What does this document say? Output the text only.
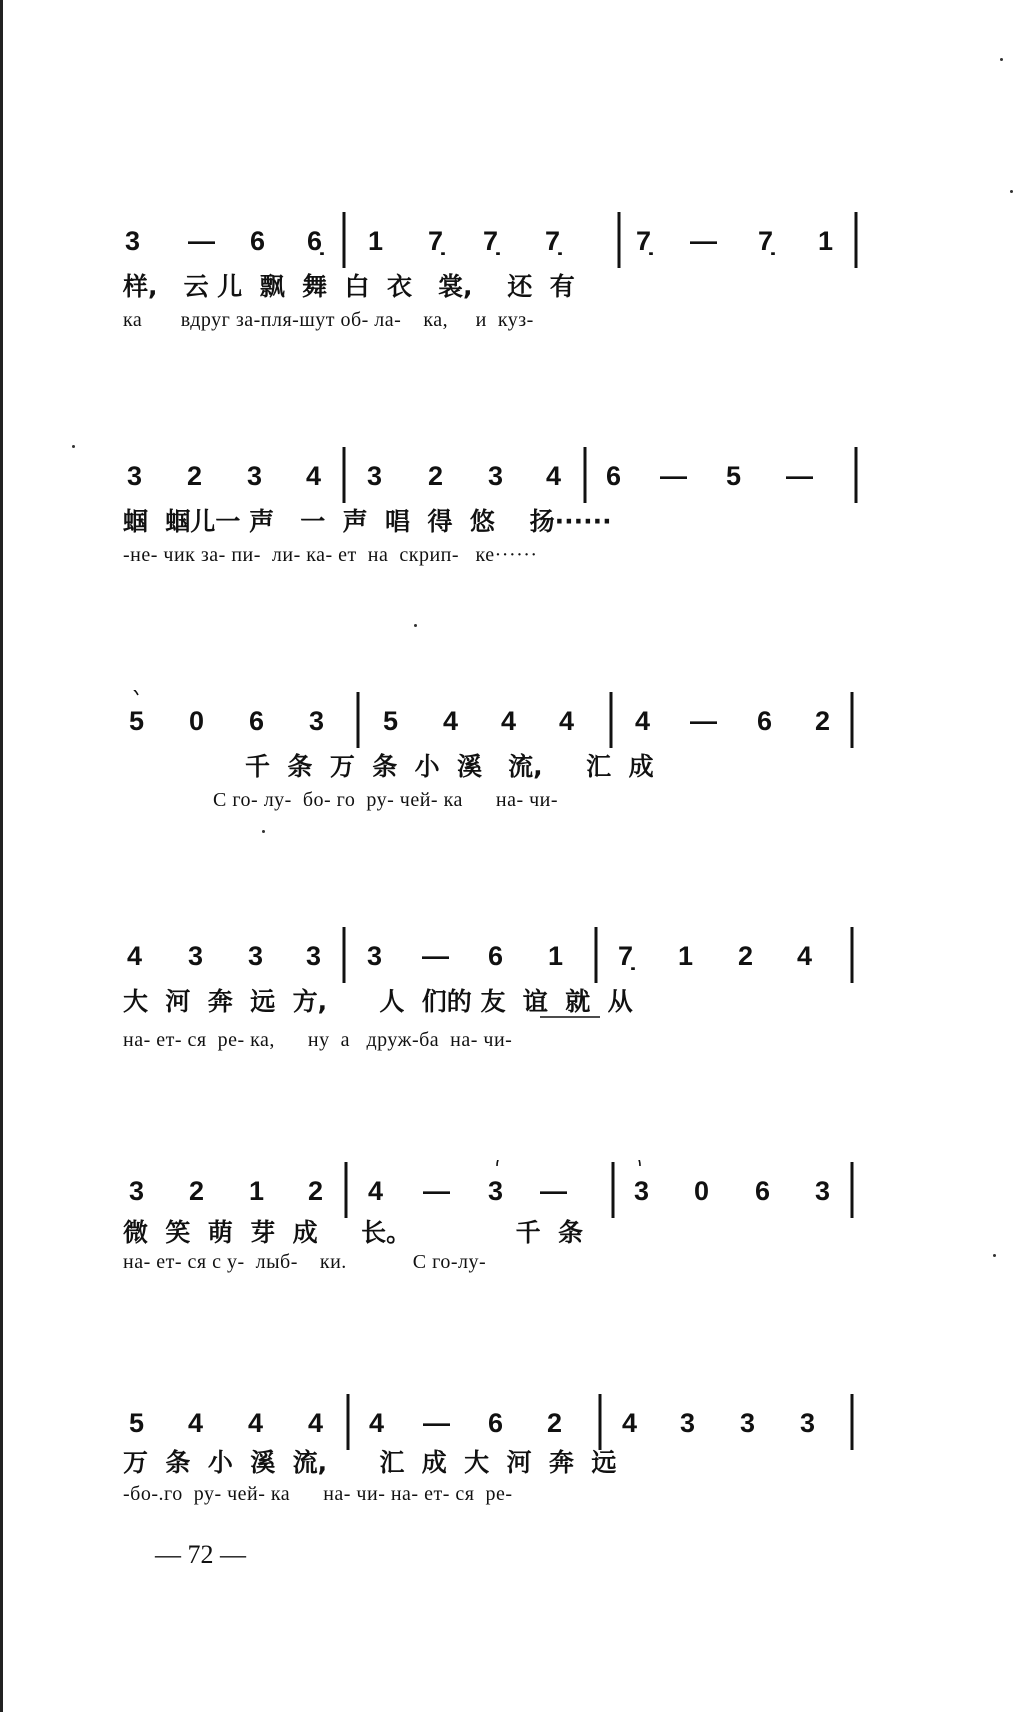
3 — 6 6̣ 1 7̣ 7̣ 7̣	7̣ — 7̣ 1
样,   云 儿  飘  舞  白  衣   裳,    还  有
ка       вдруг за-пля-шут об- ла-    ка,     и  куз-
3 2 3 4 3 2 3 4 6 — 5 —
蝈  蝈儿一 声   一  声  唱  得  悠    扬······
-не- чик за- пи-  ли- ка- ет  на  скрип-   ке······
5 0 6 3 5 4 4 4 4 — 6 2
千  条  万  条  小  溪   流,     汇  成
С го- лу-  бо- го  ру- чей- ка      на- чи-
4 3 3 3 3 — 6 1 7̣ 1 2 4
大  河  奔  远  方,      人  们的 友  谊  就  从
на- ет- ся  ре- ка,      ну  а   друж-ба  на- чи-
3 2 1 2 4 — 3 — 3 0 6 3
微  笑  萌  芽  成     长。            千  条
на- ет- ся с у-  лыб-    ки.            С го-лу-
5 4 4 4 4 — 6 2 4 3 3 3
万  条  小  溪  流,      汇  成  大  河  奔  远
-бо-.го  ру- чей- ка      на- чи- на- ет- ся  ре-
— 72 —
